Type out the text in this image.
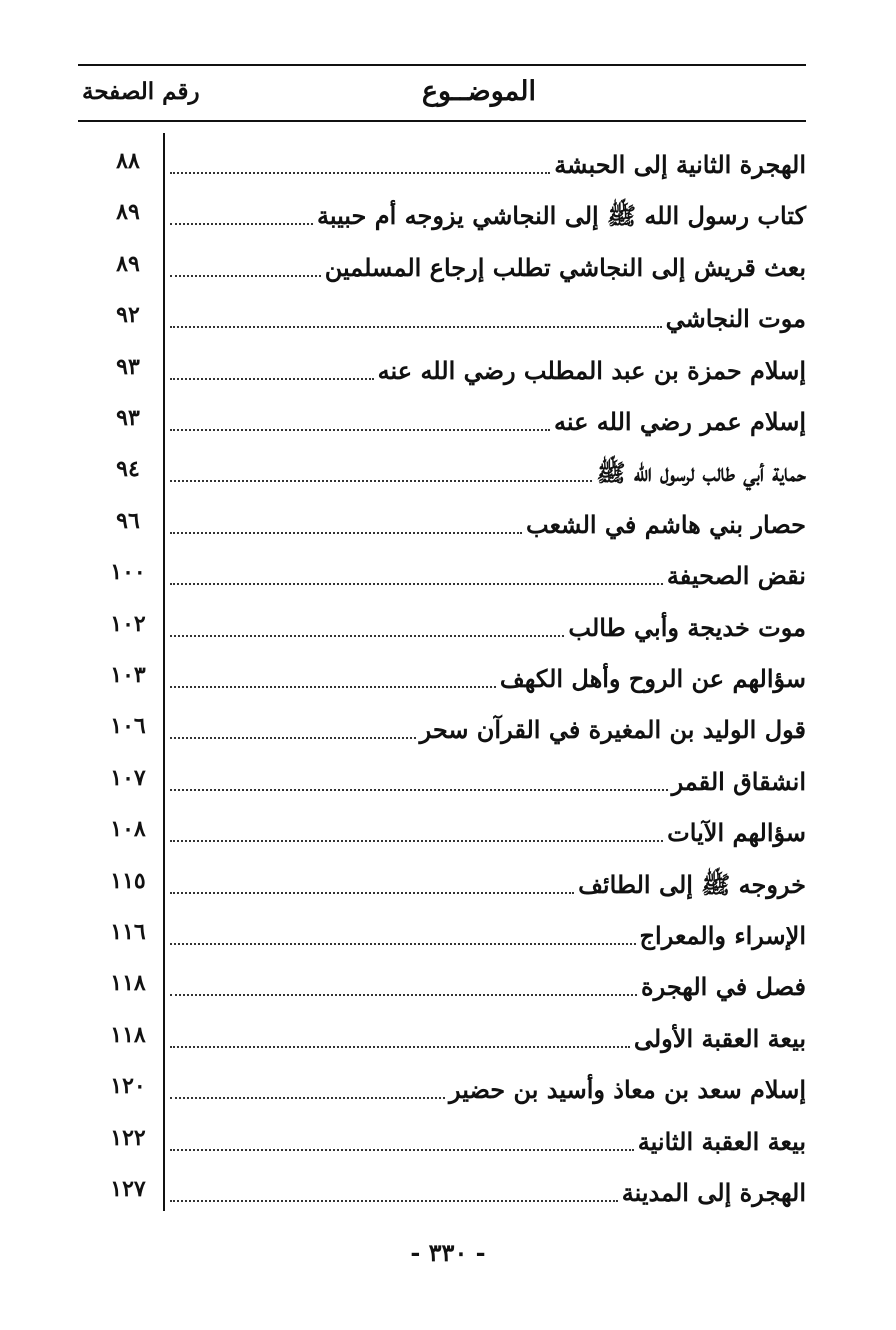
الموضــوع
رقم الصفحة
الهجرة الثانية إلى الحبشة
٨٨
كتاب رسول الله ﷺ إلى النجاشي يزوجه أم حبيبة
٨٩
بعث قريش إلى النجاشي تطلب إرجاع المسلمين
٨٩
موت النجاشي
٩٢
إسلام حمزة بن عبد المطلب رضي الله عنه
٩٣
إسلام عمر رضي الله عنه
٩٣
حماية أبي طالب لرسول الله ﷺ
٩٤
حصار بني هاشم في الشعب
٩٦
نقض الصحيفة
١٠٠
موت خديجة وأبي طالب
١٠٢
سؤالهم عن الروح وأهل الكهف
١٠٣
قول الوليد بن المغيرة في القرآن سحر
١٠٦
انشقاق القمر
١٠٧
سؤالهم الآيات
١٠٨
خروجه ﷺ إلى الطائف
١١٥
الإسراء والمعراج
١١٦
فصل في الهجرة
١١٨
بيعة العقبة الأولى
١١٨
إسلام سعد بن معاذ وأسيد بن حضير
١٢٠
بيعة العقبة الثانية
١٢٢
الهجرة إلى المدينة
١٢٧
- ٣٣٠ -
